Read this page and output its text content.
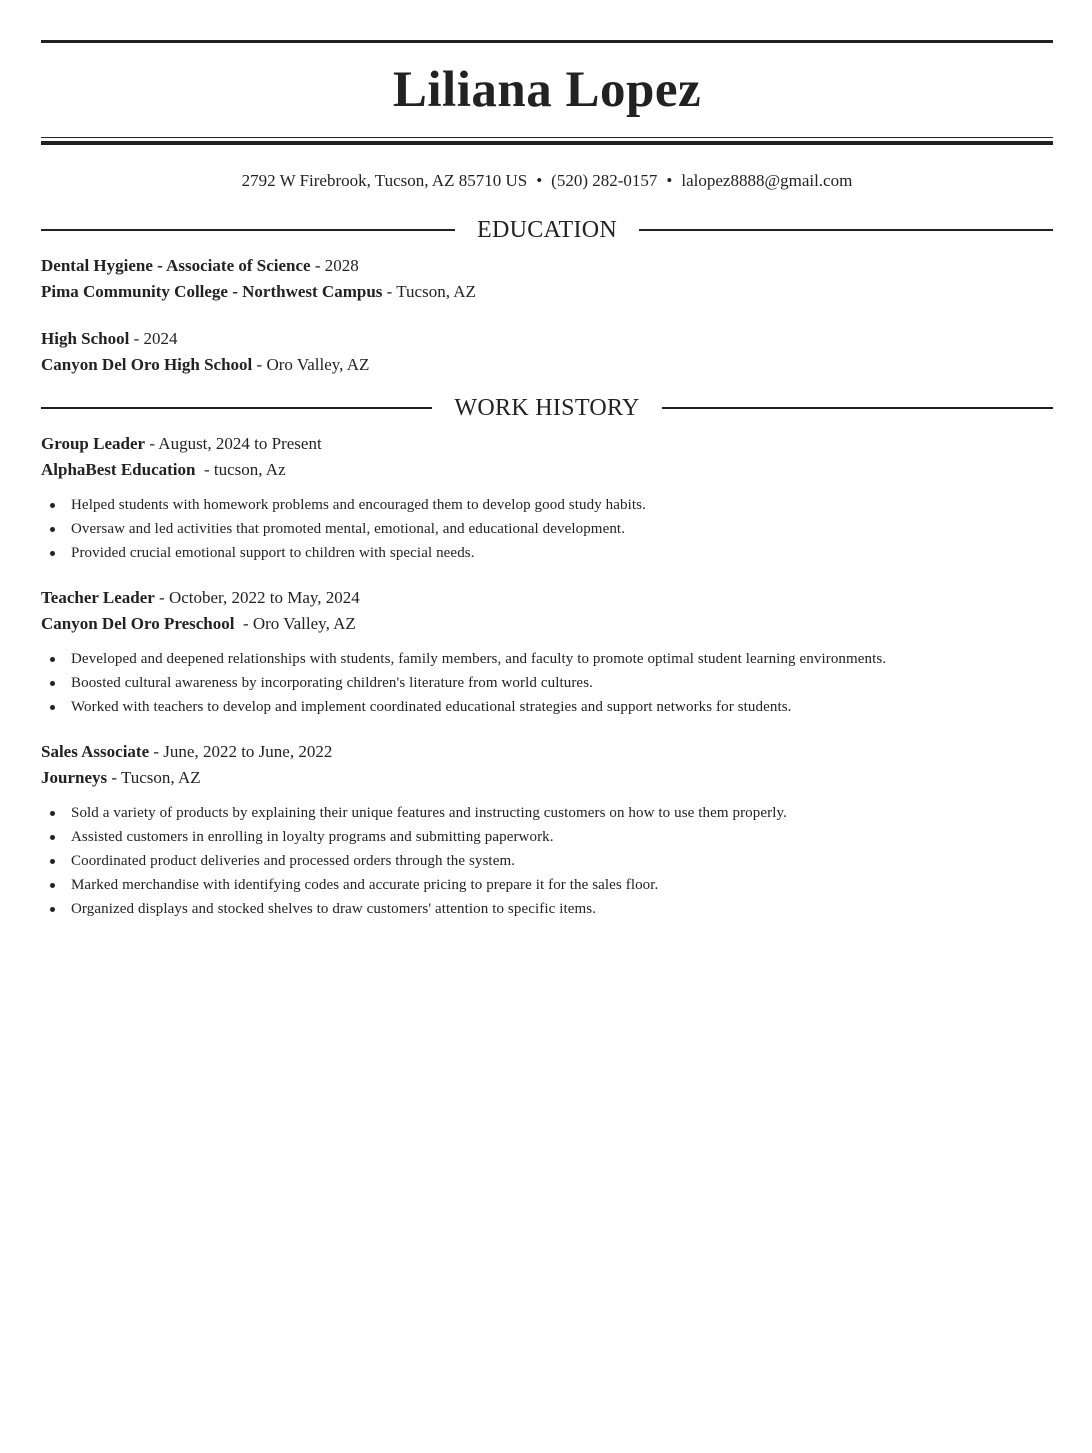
Liliana Lopez
2792 W Firebrook, Tucson, AZ 85710 US • (520) 282-0157 • lalopez8888@gmail.com
EDUCATION
Dental Hygiene - Associate of Science - 2028
Pima Community College - Northwest Campus - Tucson, AZ
High School - 2024
Canyon Del Oro High School - Oro Valley, AZ
WORK HISTORY
Group Leader - August, 2024 to Present
AlphaBest Education  - tucson, Az
Helped students with homework problems and encouraged them to develop good study habits.
Oversaw and led activities that promoted mental, emotional, and educational development.
Provided crucial emotional support to children with special needs.
Teacher Leader - October, 2022 to May, 2024
Canyon Del Oro Preschool  - Oro Valley, AZ
Developed and deepened relationships with students, family members, and faculty to promote optimal student learning environments.
Boosted cultural awareness by incorporating children's literature from world cultures.
Worked with teachers to develop and implement coordinated educational strategies and support networks for students.
Sales Associate - June, 2022 to June, 2022
Journeys - Tucson, AZ
Sold a variety of products by explaining their unique features and instructing customers on how to use them properly.
Assisted customers in enrolling in loyalty programs and submitting paperwork.
Coordinated product deliveries and processed orders through the system.
Marked merchandise with identifying codes and accurate pricing to prepare it for the sales floor.
Organized displays and stocked shelves to draw customers' attention to specific items.
